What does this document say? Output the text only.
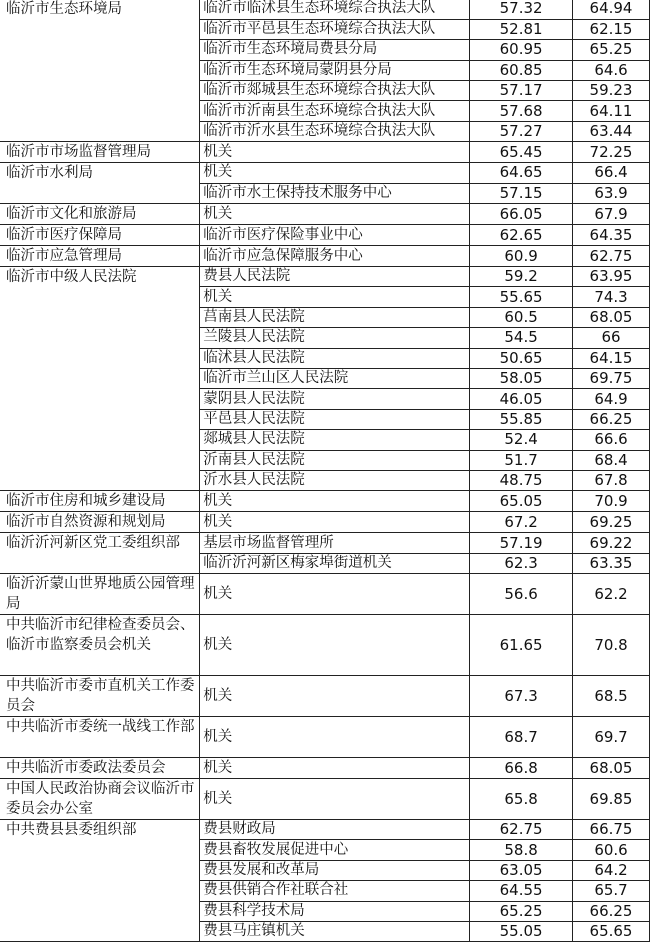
临沂市生态环境局	临沂市临沭县生态环境综合执法大队	57.32	64.94
	临沂市平邑县生态环境综合执法大队	52.81	62.15
	临沂市生态环境局费县分局	60.95	65.25
	临沂市生态环境局蒙阴县分局	60.85	64.6
	临沂市郯城县生态环境综合执法大队	57.17	59.23
	临沂市沂南县生态环境综合执法大队	57.68	64.11
	临沂市沂水县生态环境综合执法大队	57.27	63.44
临沂市市场监督管理局	机关	65.45	72.25
临沂市水利局	机关	64.65	66.4
	临沂市水土保持技术服务中心	57.15	63.9
临沂市文化和旅游局	机关	66.05	67.9
临沂市医疗保障局	临沂市医疗保险事业中心	62.65	64.35
临沂市应急管理局	临沂市应急保障服务中心	60.9	62.75
临沂市中级人民法院	费县人民法院	59.2	63.95
	机关	55.65	74.3
	莒南县人民法院	60.5	68.05
	兰陵县人民法院	54.5	66
	临沭县人民法院	50.65	64.15
	临沂市兰山区人民法院	58.05	69.75
	蒙阴县人民法院	46.05	64.9
	平邑县人民法院	55.85	66.25
	郯城县人民法院	52.4	66.6
	沂南县人民法院	51.7	68.4
	沂水县人民法院	48.75	67.8
临沂市住房和城乡建设局	机关	65.05	70.9
临沂市自然资源和规划局	机关	67.2	69.25
临沂沂河新区党工委组织部	基层市场监督管理所	57.19	69.22
	临沂沂河新区梅家埠街道机关	62.3	63.35
临沂沂蒙山世界地质公园管理局	机关	56.6	62.2
中共临沂市纪律检查委员会、临沂市监察委员会机关	机关	61.65	70.8
中共临沂市委市直机关工作委员会	机关	67.3	68.5
中共临沂市委统一战线工作部	机关	68.7	69.7
中共临沂市委政法委员会	机关	66.8	68.05
中国人民政治协商会议临沂市委员会办公室	机关	65.8	69.85
中共费县县委组织部	费县财政局	62.75	66.75
	费县畜牧发展促进中心	58.8	60.6
	费县发展和改革局	63.05	64.2
	费县供销合作社联合社	64.55	65.7
	费县科学技术局	65.25	66.25
	费县马庄镇机关	55.05	65.65
